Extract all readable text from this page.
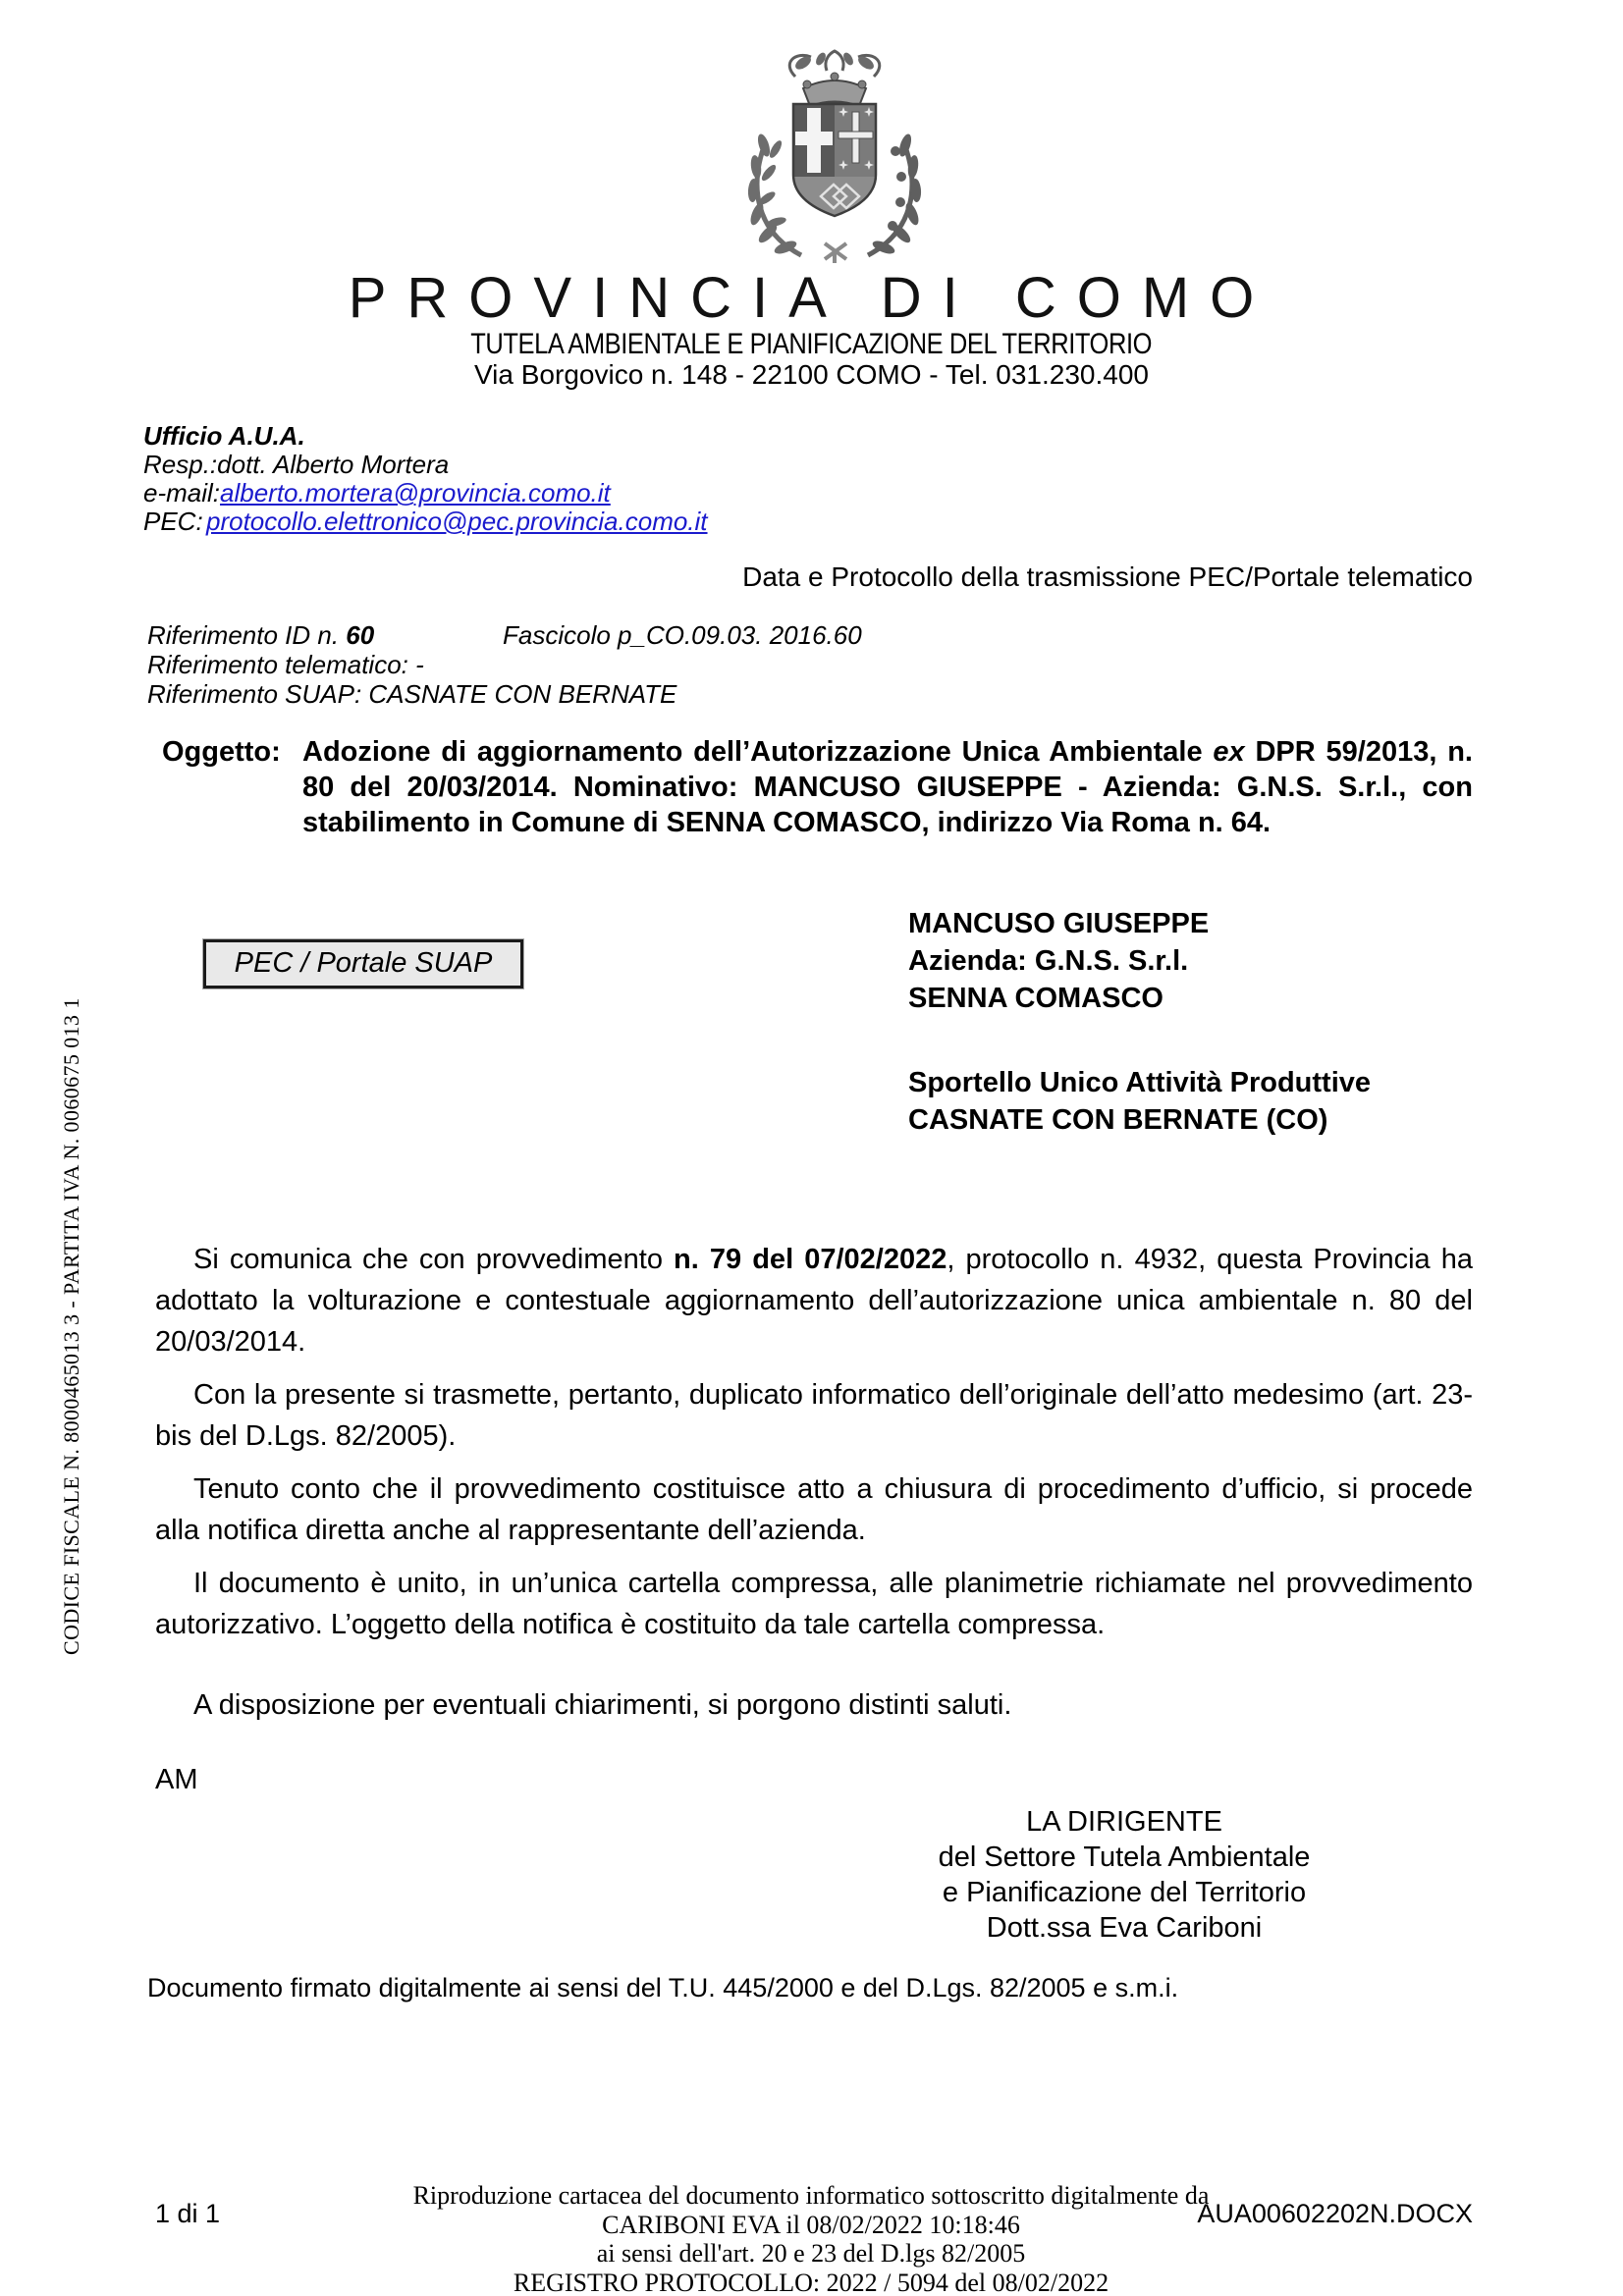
PROVINCIA DI COMO
TUTELA AMBIENTALE E PIANIFICAZIONE DEL TERRITORIO
Via Borgovico n. 148 - 22100 COMO - Tel. 031.230.400
Ufficio A.U.A.
Resp.:dott. Alberto Mortera
e-mail:alberto.mortera@provincia.como.it
PEC: protocollo.elettronico@pec.provincia.como.it
Data e Protocollo della trasmissione PEC/Portale telematico
Riferimento ID n. 60	Fascicolo p_CO.09.03. 2016.60
Riferimento telematico: -
Riferimento SUAP: CASNATE CON BERNATE
Oggetto: Adozione di aggiornamento dell’Autorizzazione Unica Ambientale ex DPR 59/2013, n. 80 del 20/03/2014. Nominativo: MANCUSO GIUSEPPE - Azienda: G.N.S. S.r.l., con stabilimento in Comune di SENNA COMASCO, indirizzo Via Roma n. 64.
PEC / Portale SUAP
MANCUSO GIUSEPPE
Azienda: G.N.S. S.r.l.
SENNA COMASCO
Sportello Unico Attività Produttive
CASNATE CON BERNATE (CO)

Si comunica che con provvedimento n. 79 del 07/02/2022, protocollo n. 4932, questa Provincia ha adottato la volturazione e contestuale aggiornamento dell’autorizzazione unica ambientale n. 80 del 20/03/2014.

Con la presente si trasmette, pertanto, duplicato informatico dell’originale dell’atto medesimo (art. 23-bis del D.Lgs. 82/2005).

Tenuto conto che il provvedimento costituisce atto a chiusura di procedimento d’ufficio, si procede alla notifica diretta anche al rappresentante dell’azienda.

Il documento è unito, in un’unica cartella compressa, alle planimetrie richiamate nel provvedimento autorizzativo. L’oggetto della notifica è costituito da tale cartella compressa.

A disposizione per eventuali chiarimenti, si porgono distinti saluti.

AM

LA DIRIGENTE
del Settore Tutela Ambientale
e Pianificazione del Territorio
Dott.ssa Eva Cariboni
Documento firmato digitalmente ai sensi del T.U. 445/2000 e del D.Lgs. 82/2005 e s.m.i.
CODICE FISCALE N. 8000465013 3 - PARTITA IVA N. 0060675 013 1
1 di 1
Riproduzione cartacea del documento informatico sottoscritto digitalmente da
CARIBONI EVA il 08/02/2022 10:18:46
ai sensi dell'art. 20 e 23 del D.lgs 82/2005
REGISTRO PROTOCOLLO: 2022 / 5094 del 08/02/2022
AUA00602202N.DOCX
